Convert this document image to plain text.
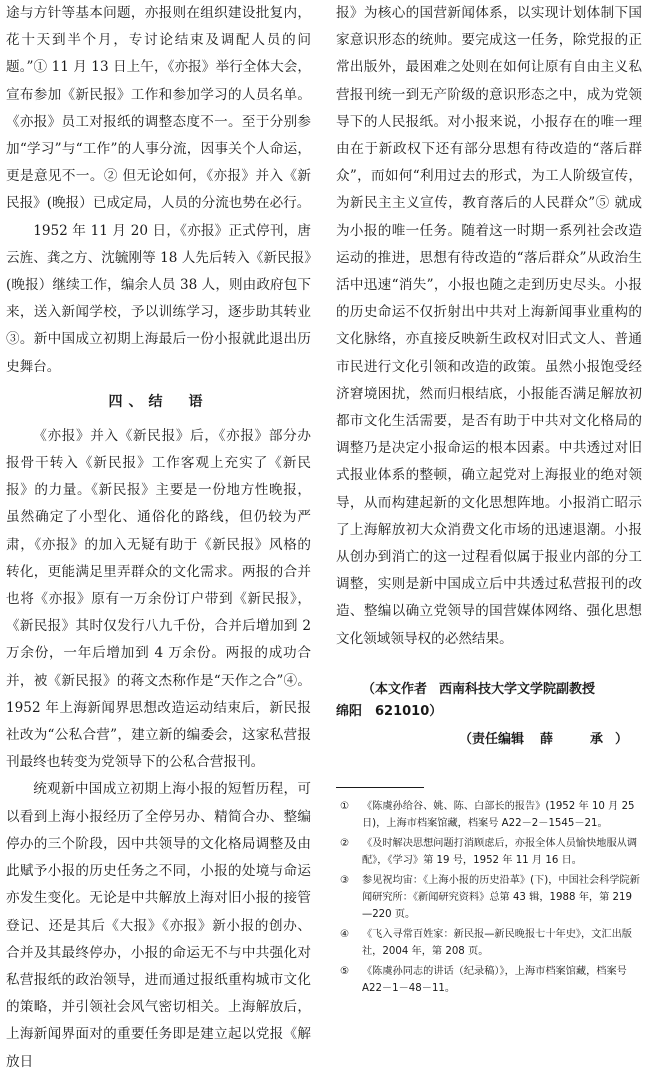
途与方针等基本问题，亦报则在组织建设批复内，花十天到半个月，专讨论结束及调配人员的问题。”① 11 月 13 日上午，《亦报》举行全体大会，宣布参加《新民报》工作和参加学习的人员名单。《亦报》员工对报纸的调整态度不一。至于分别参加“学习”与“工作”的人事分流，因事关个人命运，更是意见不一。② 但无论如何，《亦报》并入《新民报》(晚报）已成定局，人员的分流也势在必行。

1952 年 11 月 20 日，《亦报》正式停刊，唐云旌、龚之方、沈毓刚等 18 人先后转入《新民报》(晚报）继续工作，编余人员 38 人，则由政府包下来，送入新闻学校，予以训练学习，逐步助其转业③。新中国成立初期上海最后一份小报就此退出历史舞台。

四、结　语

《亦报》并入《新民报》后，《亦报》部分办报骨干转入《新民报》工作客观上充实了《新民报》的力量。《新民报》主要是一份地方性晚报，虽然确定了小型化、通俗化的路线，但仍较为严肃，《亦报》的加入无疑有助于《新民报》风格的转化，更能满足里弄群众的文化需求。两报的合并也将《亦报》原有一万余份订户带到《新民报》，《新民报》其时仅发行八九千份，合并后增加到 2 万余份，一年后增加到 4 万余份。两报的成功合并，被《新民报》的蒋文杰称作是“天作之合”④。1952 年上海新闻界思想改造运动结束后，新民报社改为“公私合营”，建立新的编委会，这家私营报刊最终也转变为党领导下的公私合营报刊。

统观新中国成立初期上海小报的短暂历程，可以看到上海小报经历了全停另办、精简合办、整编停办的三个阶段，因中共领导的文化格局调整及由此赋予小报的历史任务之不同，小报的处境与命运亦发生变化。无论是中共解放上海对旧小报的接管登记、还是其后《大报》《亦报》新小报的创办、合并及其最终停办，小报的命运无不与中共强化对私营报纸的政治领导，进而通过报纸重构城市文化的策略，并引领社会风气密切相关。上海解放后，上海新闻界面对的重要任务即是建立起以党报《解放日

报》为核心的国营新闻体系，以实现计划体制下国家意识形态的统帅。要完成这一任务，除党报的正常出版外，最困难之处则在如何让原有自由主义私营报刊统一到无产阶级的意识形态之中，成为党领导下的人民报纸。对小报来说，小报存在的唯一理由在于新政权下还有部分思想有待改造的“落后群众”，而如何“利用过去的形式，为工人阶级宣传，为新民主主义宣传，教育落后的人民群众”⑤ 就成为小报的唯一任务。随着这一时期一系列社会改造运动的推进，思想有待改造的“落后群众”从政治生活中迅速“消失”，小报也随之走到历史尽头。小报的历史命运不仅折射出中共对上海新闻事业重构的文化脉络，亦直接反映新生政权对旧式文人、普通市民进行文化引领和改造的政策。虽然小报饱受经济窘境困扰，然而归根结底，小报能否满足解放初都市文化生活需要，是否有助于中共对文化格局的调整乃是决定小报命运的根本因素。中共透过对旧式报业体系的整顿，确立起党对上海报业的绝对领导，从而构建起新的文化思想阵地。小报消亡昭示了上海解放初大众消费文化市场的迅速退潮。小报从创办到消亡的这一过程看似属于报业内部的分工调整，实则是新中国成立后中共透过私营报刊的改造、整编以确立党领导的国营媒体网络、强化思想文化领域领导权的必然结果。

（本文作者 西南科技大学文学院副教授
绵阳　621010）
（责任编辑 薛　承）
① 《陈虞孙给谷、姚、陈、白部长的报告》(1952 年 10 月 25 日)，上海市档案馆藏，档案号 A22－2－1545－21。
② 《及时解决思想问题打消顾虑后，亦报全体人员愉快地服从调配》，《学习》第 19 号，1952 年 11 月 16 日。
③ 参见祝均宙：《上海小报的历史沿革》(下)，中国社会科学院新闻研究所：《新闻研究资料》总第 43 辑，1988 年，第 219—220 页。
④ 《飞入寻常百姓家：新民报—新民晚报七十年史》，文汇出版社，2004 年，第 208 页。
⑤ 《陈虞孙同志的讲话（纪录稿）》，上海市档案馆藏，档案号 A22－1－48－11。
